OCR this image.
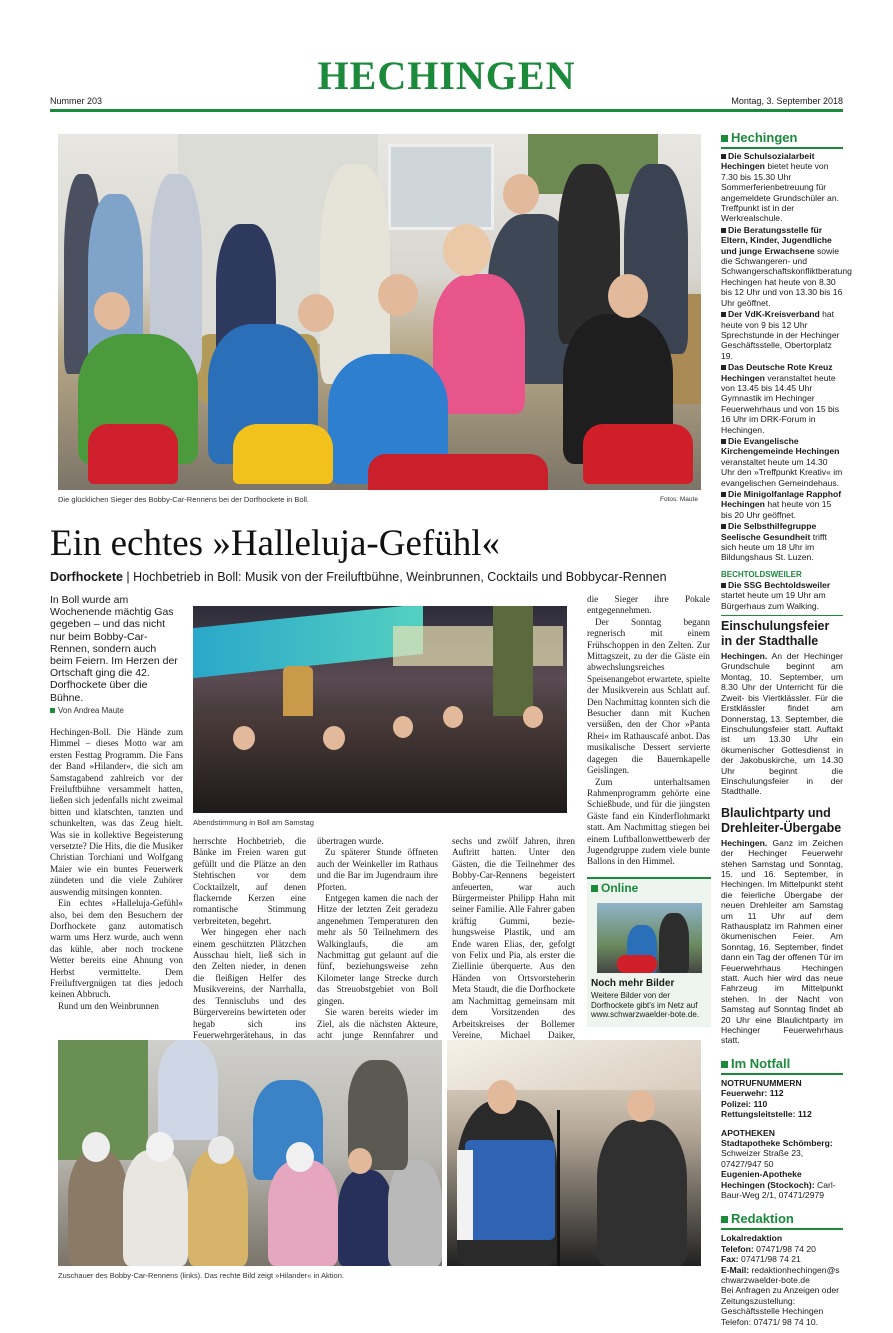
HECHINGEN
Nummer 203	Montag, 3. September 2018
Die glücklichen Sieger des Bobby-Car-Rennens bei der Dorfhockete in Boll.	Fotos: Maute
Ein echtes »Halleluja-Gefühl«
Dorfhockete | Hochbetrieb in Boll: Musik von der Freiluftbühne, Weinbrunnen, Cocktails und Bobbycar-Rennen
In Boll wurde am Wochenende mächtig Gas gegeben – und das nicht nur beim Bobby-Car-Rennen, sondern auch beim Feiern. Im Herzen der Ortschaft ging die 42. Dorfhockete über die Bühne.
Von Andrea Maute
Hechingen-Boll. Die Hände zum Himmel – dieses Motto war am ersten Festtag Programm. Die Fans der Band »Hilander«, die sich am Samstagabend zahlreich vor der Freiluftbühne versammelt hatten, ließen sich jedenfalls nicht zweimal bitten und klatschten, tanzten und schunkelten, was das Zeug hielt. Was sie in kollektive Begeisterung versetzte? Die Hits, die die Musiker Christian Torchiani und Wolfgang Maier wie ein buntes Feuerwerk zündeten und die viele Zuhörer auswendig mitsingen konnten.
Ein echtes »Halleluja-Gefühl« also, bei dem den Besuchern der Dorfhockete ganz automatisch warm ums Herz wurde, auch wenn das kühle, aber noch trockene Wetter bereits eine Ahnung von Herbst vermittelte. Dem Freiluftvergnügen tat dies jedoch keinen Abbruch.
Rund um den Weinbrunnen
Abendstimmung in Boll am Samstag
herrschte Hochbetrieb, die Bänke im Freien waren gut gefüllt und die Plätze an den Stehtischen vor dem Cocktailzelt, auf denen flackernde Kerzen eine romantische Stimmung verbreiteten, begehrt.
Wer hingegen eher nach einem geschützten Plätzchen Ausschau hielt, ließ sich in den Zelten nieder, in denen die fleißigen Helfer des Musikvereins, der Narrhalla, des Tennisclubs und des Bürgervereins bewirteten oder hegab sich ins Feuerwehrgerätehaus, in das
übertragen wurde.
Zu späterer Stunde öffneten auch der Weinkeller im Rathaus und die Bar im Jugendraum ihre Pforten.
Entgegen kamen die nach der Hitze der letzten Zeit geradezu angenehmen Temperaturen den mehr als 50 Teilnehmern des Walkinglaufs, die am Nachmittag gut gelaunt auf die fünf, beziehungsweise zehn Kilometer lange Strecke durch das Streuobstgebiet von Boll gingen.
Sie waren bereits wieder im Ziel, als die nächsten Akteure, acht junge Rennfahrer und
sechs und zwölf Jahren, ihren Auftritt hatten. Unter den Gästen, die die Teilnehmer des Bobby-Car-Rennens begeistert anfeuerten, war auch Bürgermeister Philipp Hahn mit seiner Familie. Alle Fahrer gaben kräftig Gummi, bezie-hungsweise Plastik, und am Ende waren Elias, der, gefolgt von Felix und Pia, als erster die Ziellinie überquerte. Aus den Händen von Ortsvorsteherin Meta Staudt, die die Dorfhockete am Nachmittag gemeinsam mit dem Vorsitzenden des Arbeitskreises der Bollemer Vereine, Michael Daiker,
die Sieger ihre Pokale entgegennehmen.
Der Sonntag begann regnerisch mit einem Frühschoppen in den Zelten. Zur Mittagszeit, zu der die Gäste ein abwechslungsreiches Speisenangebot erwartete, spielte der Musikverein aus Schlatt auf. Den Nachmittag konnten sich die Besucher dann mit Kuchen versüßen, den der Chor »Panta Rhei« im Rathauscafé anbot. Das musikalische Dessert servierte dagegen die Bauernkapelle Geislingen.
Zum unterhaltsamen Rahmenprogramm gehörte eine Schießbude, und für die jüngsten Gäste fand ein Kinderflohmarkt statt. Am Nachmittag stiegen bei einem Luftballonwettbewerb der Jugendgruppe zudem viele bunte Ballons in den Himmel.
Online
Noch mehr Bilder
Weitere Bilder von der Dorfhockete gibt's im Netz auf www.schwarzwaelder-bote.de.
Zuschauer des Bobby-Car-Rennens (links). Das rechte Bild zeigt »Hilander« in Aktion.
Hechingen
Die Schulsozialarbeit Hechingen bietet heute von 7.30 bis 15.30 Uhr Sommerferienbetreuung für angemeldete Grundschüler an. Treffpunkt ist in der Werkrealschule.
Die Beratungsstelle für Eltern, Kinder, Jugendliche und junge Erwachsene sowie die Schwangeren- und Schwangerschaftskonfliktberatung Hechingen hat heute von 8.30 bis 12 Uhr und von 13.30 bis 16 Uhr geöffnet.
Der VdK-Kreisverband hat heute von 9 bis 12 Uhr Sprechstunde in der Hechinger Geschäftsstelle, Obertorplatz 19.
Das Deutsche Rote Kreuz Hechingen veranstaltet heute von 13.45 bis 14.45 Uhr Gymnastik im Hechinger Feuerwehrhaus und von 15 bis 16 Uhr im DRK-Forum in Hechingen.
Die Evangelische Kirchengemeinde Hechingen veranstaltet heute um 14.30 Uhr den »Treffpunkt Kreativ« im evangelischen Gemeindehaus.
Die Minigolfanlage Rapphof Hechingen hat heute von 15 bis 20 Uhr geöffnet.
Die Selbsthilfegruppe Seelische Gesundheit trifft sich heute um 18 Uhr im Bildungshaus St. Luzen.
BECHTOLDSWEILER
Die SSG Bechtoldsweiler startet heute um 19 Uhr am Bürgerhaus zum Walking.
Einschulungsfeier in der Stadthalle
Hechingen. An der Hechinger Grundschule beginnt am Montag, 10. September, um 8.30 Uhr der Unterricht für die Zweit- bis Viertklässler. Für die Erstklässler findet am Donnerstag, 13. September, die Einschulungsfeier statt. Auftakt ist um 13.30 Uhr ein ökumenischer Gottesdienst in der Jakobuskirche, um 14.30 Uhr beginnt die Einschulungsfeier in der Stadthalle.
Blaulichtparty und Drehleiter-Übergabe
Hechingen. Ganz im Zeichen der Hechinger Feuerwehr stehen Samstag und Sonntag, 15. und 16. September, in Hechingen. Im Mittelpunkt steht die feierliche Übergabe der neuen Drehleiter am Samstag um 11 Uhr auf dem Rathausplatz im Rahmen einer ökumenischen Feier. Am Sonntag, 16. September, findet dann ein Tag der offenen Tür im Feuerwehrhaus Hechingen statt. Auch hier wird das neue Fahrzeug im Mittelpunkt stehen. In der Nacht von Samstag auf Sonntag findet ab 20 Uhr eine Blaulichtparty im Hechinger Feuerwehrhaus statt.
Im Notfall
NOTRUFNUMMERN
Feuerwehr: 112
Polizei: 110
Rettungsleitstelle: 112
APOTHEKEN
Stadtapotheke Schömberg: Schweizer Straße 23, 07427/947 50
Eugenien-Apotheke Hechingen (Stockoch): Carl-Baur-Weg 2/1, 07471/2979
Redaktion
Lokalredaktion
Telefon: 07471/98 74 20
Fax: 07471/98 74 21
E-Mail: redaktionhechingen@schwarzwaelder-bote.de
Bei Anfragen zu Anzeigen oder Zeitungszustellung: Geschäftsstelle Hechingen Telefon: 07471/ 98 74 10.
